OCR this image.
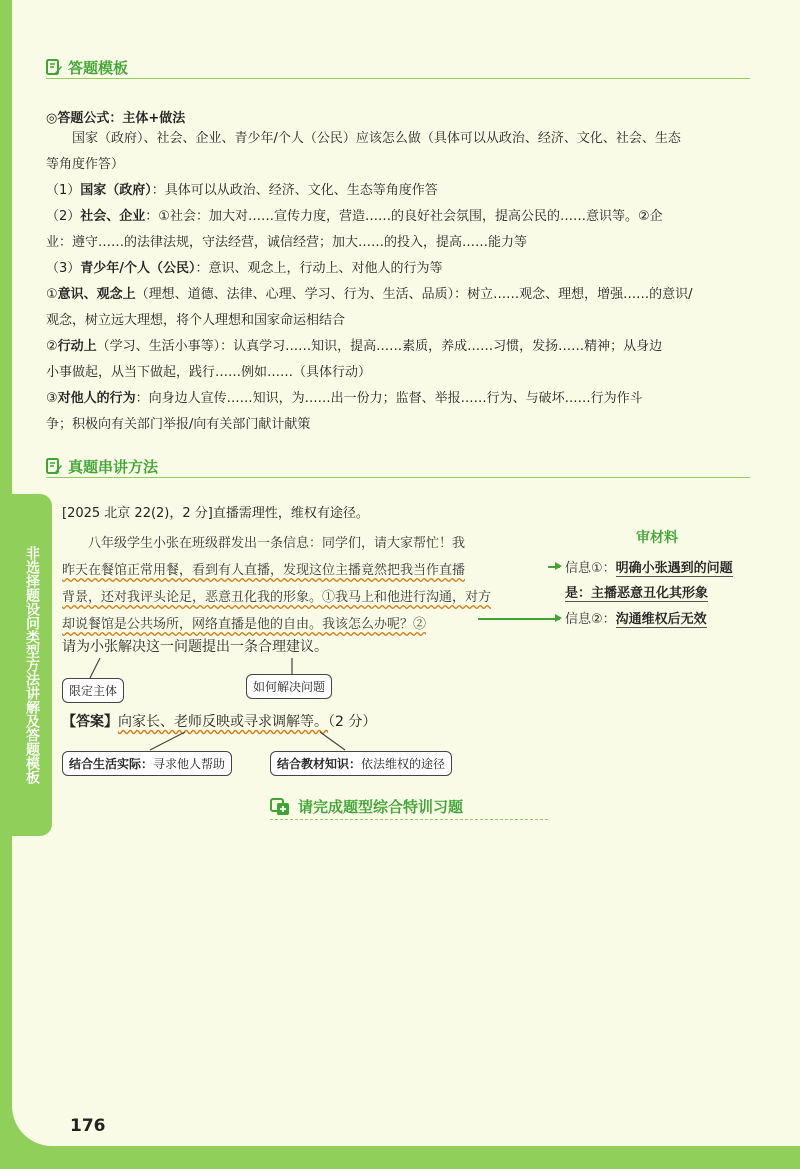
答题模板
◎答题公式：主体+做法
国家（政府）、社会、企业、青少年/个人（公民）应该怎么做（具体可以从政治、经济、文化、社会、生态
等角度作答）
（1）国家（政府）：具体可以从政治、经济、文化、生态等角度作答
（2）社会、企业：①社会：加大对……宣传力度，营造……的良好社会氛围，提高公民的……意识等。②企
业：遵守……的法律法规，守法经营，诚信经营；加大……的投入，提高……能力等
（3）青少年/个人（公民）：意识、观念上，行动上、对他人的行为等
①意识、观念上（理想、道德、法律、心理、学习、行为、生活、品质）：树立……观念、理想，增强……的意识/
观念，树立远大理想，将个人理想和国家命运相结合
②行动上（学习、生活小事等）：认真学习……知识，提高……素质，养成……习惯，发扬……精神；从身边
小事做起，从当下做起，践行……例如……（具体行动）
③对他人的行为：向身边人宣传……知识，为……出一份力；监督、举报……行为、与破坏……行为作斗
争；积极向有关部门举报/向有关部门献计献策
真题串讲方法
非选择题设问类型方法讲解及答题模板
[2025 北京 22(2)，2 分]直播需理性，维权有途径。
八年级学生小张在班级群发出一条信息：同学们，请大家帮忙！我
昨天在餐馆正常用餐，看到有人直播，发现这位主播竟然把我当作直播
背景，还对我评头论足，恶意丑化我的形象。①我马上和他进行沟通，对方
却说餐馆是公共场所，网络直播是他的自由。我该怎么办呢？②
请为小张解决这一问题提出一条合理建议。
审材料
信息①：明确小张遇到的问题
是：主播恶意丑化其形象
信息②：沟通维权后无效
限定主体	如何解决问题
【答案】向家长、老师反映或寻求调解等。（2 分）
结合生活实际：寻求他人帮助	结合教材知识：依法维权的途径
请完成题型综合特训习题
176
